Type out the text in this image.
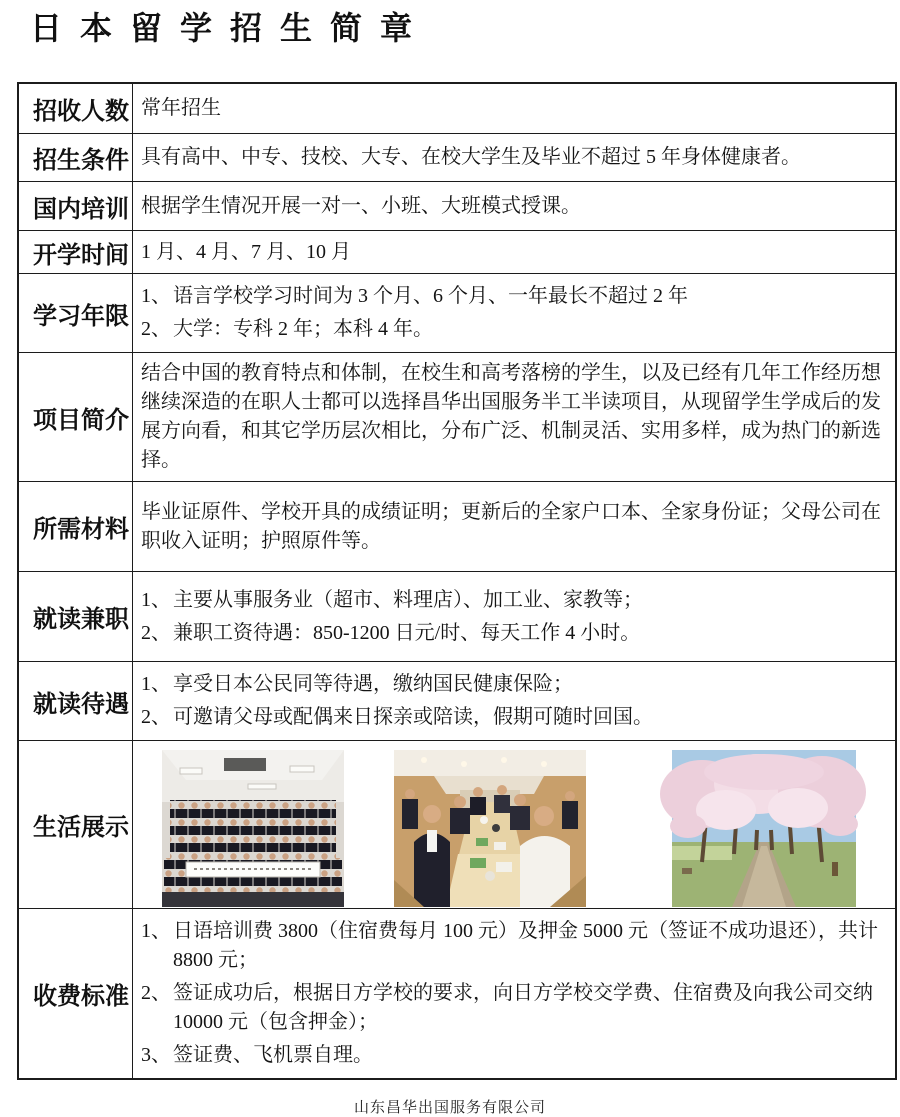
日 本 留 学 招 生 简 章
招收人数 常年招生
招生条件 具有高中、中专、技校、大专、在校大学生及毕业不超过 5 年身体健康者。
国内培训 根据学生情况开展一对一、小班、大班模式授课。
开学时间 1 月、4 月、7 月、10 月
学习年限
1、 语言学校学习时间为 3 个月、6 个月、一年最长不超过 2 年
2、 大学：专科 2 年；本科 4 年。
项目简介
结合中国的教育特点和体制，在校生和高考落榜的学生，以及已经有几年工作经历想继续深造的在职人士都可以选择昌华出国服务半工半读项目，从现留学生学成后的发展方向看，和其它学历层次相比，分布广泛、机制灵活、实用多样，成为热门的新选择。
所需材料
毕业证原件、学校开具的成绩证明；更新后的全家户口本、全家身份证；父母公司在职收入证明；护照原件等。
就读兼职
1、 主要从事服务业（超市、料理店）、加工业、家教等；
2、 兼职工资待遇：850-1200 日元/时、每天工作 4 小时。
就读待遇
1、 享受日本公民同等待遇，缴纳国民健康保险；
2、 可邀请父母或配偶来日探亲或陪读，假期可随时回国。
生活展示
收费标准
1、 日语培训费 3800（住宿费每月 100 元）及押金 5000 元（签证不成功退还），共计 8800 元；
2、 签证成功后，根据日方学校的要求，向日方学校交学费、住宿费及向我公司交纳 10000 元（包含押金）；
3、 签证费、飞机票自理。
山东昌华出国服务有限公司
